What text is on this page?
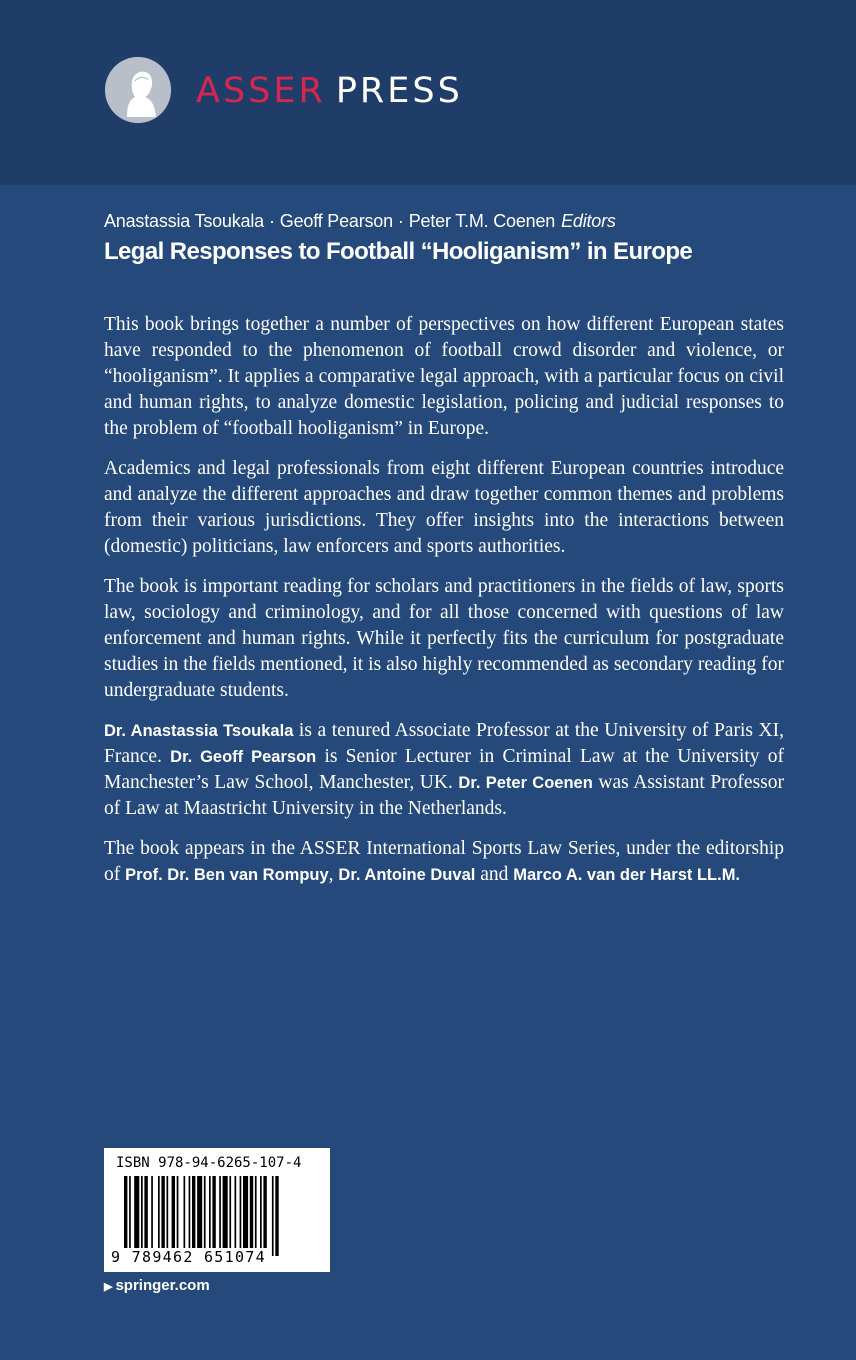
ASSER PRESS
Anastassia Tsoukala · Geoff Pearson · Peter T.M. Coenen Editors
Legal Responses to Football “Hooliganism” in Europe

This book brings together a number of perspectives on how different European states have responded to the phenomenon of football crowd disorder and violence, or “hooliganism”. It applies a comparative legal approach, with a particular focus on civil and human rights, to analyze domestic legislation, policing and judicial responses to the problem of “football hooliganism” in Europe.

Academics and legal professionals from eight different European countries introduce and analyze the different approaches and draw together common themes and problems from their various jurisdictions. They offer insights into the interactions between (domestic) politicians, law enforcers and sports authorities.

The book is important reading for scholars and practitioners in the fields of law, sports law, sociology and criminology, and for all those concerned with questions of law enforcement and human rights. While it perfectly fits the curriculum for postgraduate studies in the fields mentioned, it is also highly recommended as secondary reading for undergraduate students.

Dr. Anastassia Tsoukala is a tenured Associate Professor at the University of Paris XI, France. Dr. Geoff Pearson is Senior Lecturer in Criminal Law at the University of Manchester’s Law School, Manchester, UK. Dr. Peter Coenen was Assistant Professor of Law at Maastricht University in the Netherlands.

The book appears in the ASSER International Sports Law Series, under the editorship of Prof. Dr. Ben van Rompuy, Dr. Antoine Duval and Marco A. van der Harst LL.M.

ISBN 978-94-6265-107-4
9 789462 651074
▶ springer.com
